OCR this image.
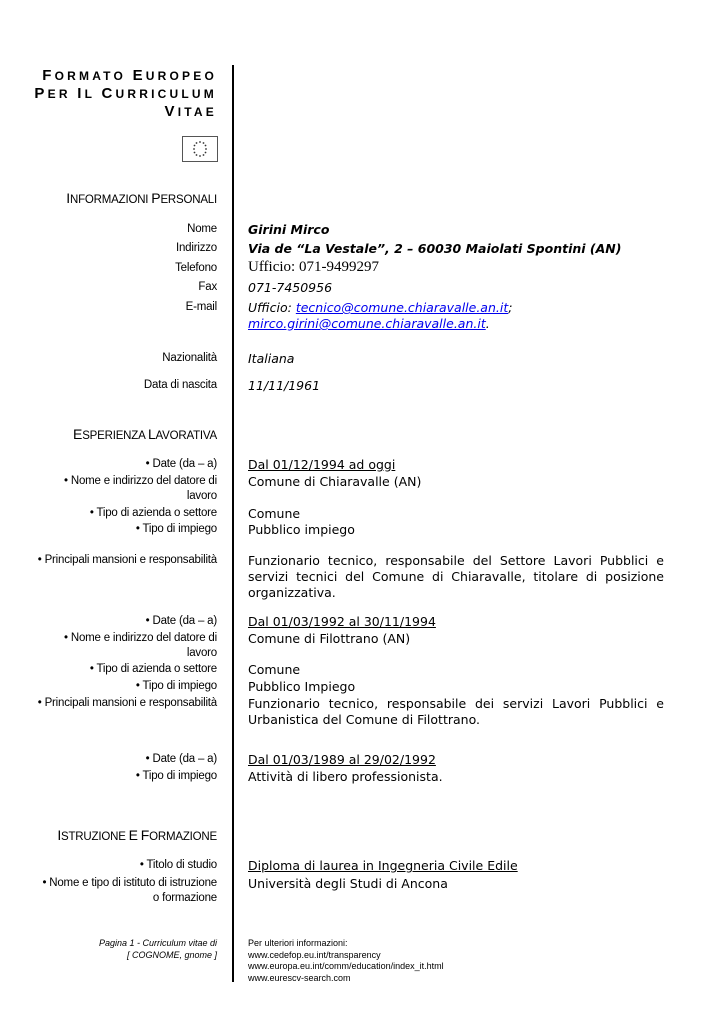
FORMATO EUROPEO
PER IL CURRICULUM
VITAE
INFORMAZIONI PERSONALI
Nome Girini Mirco
Indirizzo Via de “La Vestale”, 2 – 60030 Maiolati Spontini (AN)
Telefono Ufficio: 071-9499297
Fax 071-7450956
E-mail Ufficio: tecnico@comune.chiaravalle.an.it;
mirco.girini@comune.chiaravalle.an.it.
Nazionalità Italiana
Data di nascita 11/11/1961
ESPERIENZA LAVORATIVA
• Date (da – a) Dal 01/12/1994 ad oggi
• Nome e indirizzo del datore di
lavoro
Comune di Chiaravalle (AN)
• Tipo di azienda o settore Comune
• Tipo di impiego Pubblico impiego
• Principali mansioni e responsabilità Funzionario tecnico, responsabile del Settore Lavori Pubblici e servizi tecnici del Comune di Chiaravalle, titolare di posizione organizzativa.
• Date (da – a) Dal 01/03/1992 al 30/11/1994
• Nome e indirizzo del datore di
lavoro
Comune di Filottrano (AN)
• Tipo di azienda o settore Comune
• Tipo di impiego Pubblico Impiego
• Principali mansioni e responsabilità Funzionario tecnico, responsabile dei servizi Lavori Pubblici e Urbanistica del Comune di Filottrano.
• Date (da – a) Dal 01/03/1989 al 29/02/1992
• Tipo di impiego Attività di libero professionista.
ISTRUZIONE E FORMAZIONE
• Titolo di studio Diploma di laurea in Ingegneria Civile Edile
• Nome e tipo di istituto di istruzione
o formazione
Università degli Studi di Ancona
Pagina 1 - Curriculum vitae di
[ COGNOME, gnome ]
Per ulteriori informazioni:
www.cedefop.eu.int/transparency
www.europa.eu.int/comm/education/index_it.html
www.eurescv-search.com
